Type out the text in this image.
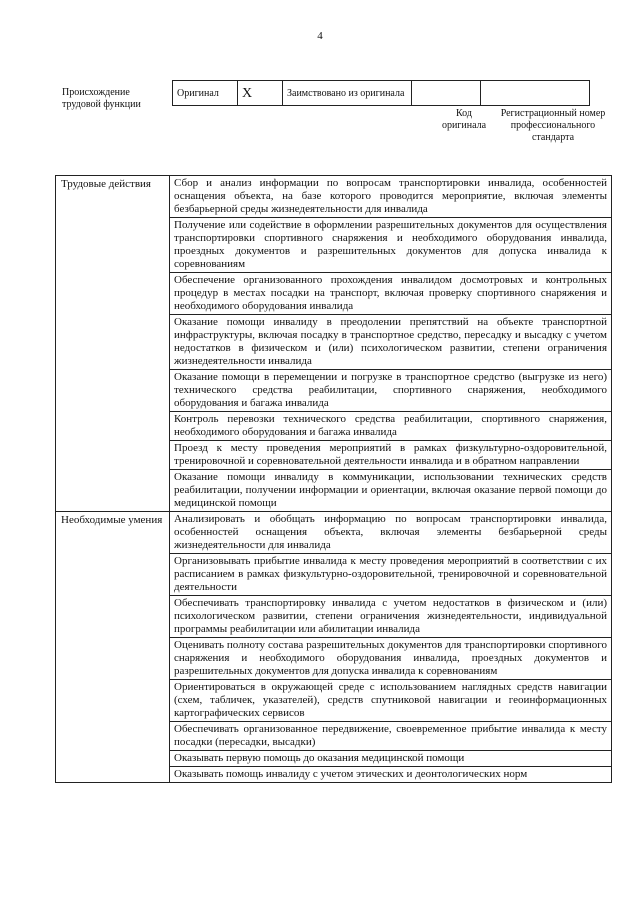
4
Происхождение трудовой функции
Оригинал	X	Заимствовано из оригинала		
Код оригинала
Регистрационный номер профессионального стандарта
Трудовые действия	Сбор и анализ информации по вопросам транспортировки инвалида, особенностей оснащения объекта, на базе которого проводится мероприятие, включая элементы безбарьерной среды жизнедеятельности для инвалида
	Получение или содействие в оформлении разрешительных документов для осуществления транспортировки спортивного снаряжения и необходимого оборудования инвалида, проездных документов и разрешительных документов для допуска инвалида к соревнованиям
	Обеспечение организованного прохождения инвалидом досмотровых и контрольных процедур в местах посадки на транспорт, включая проверку спортивного снаряжения и необходимого оборудования инвалида
	Оказание помощи инвалиду в преодолении препятствий на объекте транспортной инфраструктуры, включая посадку в транспортное средство, пересадку и высадку с учетом недостатков в физическом и (или) психологическом развитии, степени ограничения жизнедеятельности инвалида
	Оказание помощи в перемещении и погрузке в транспортное средство (выгрузке из него) технического средства реабилитации, спортивного снаряжения, необходимого оборудования и багажа инвалида
	Контроль перевозки технического средства реабилитации, спортивного снаряжения, необходимого оборудования и багажа инвалида
	Проезд к месту проведения мероприятий в рамках физкультурно-оздоровительной, тренировочной и соревновательной деятельности инвалида и в обратном направлении
	Оказание помощи инвалиду в коммуникации, использовании технических средств реабилитации, получении информации и ориентации, включая оказание первой помощи до медицинской помощи
Необходимые умения	Анализировать и обобщать информацию по вопросам транспортировки инвалида, особенностей оснащения объекта, включая элементы безбарьерной среды жизнедеятельности для инвалида
	Организовывать прибытие инвалида к месту проведения мероприятий в соответствии с их расписанием в рамках физкультурно-оздоровительной, тренировочной и соревновательной деятельности
	Обеспечивать транспортировку инвалида с учетом недостатков в физическом и (или) психологическом развитии, степени ограничения жизнедеятельности, индивидуальной программы реабилитации или абилитации инвалида
	Оценивать полноту состава разрешительных документов для транспортировки спортивного снаряжения и необходимого оборудования инвалида, проездных документов и разрешительных документов для допуска инвалида к соревнованиям
	Ориентироваться в окружающей среде с использованием наглядных средств навигации (схем, табличек, указателей), средств спутниковой навигации и геоинформационных картографических сервисов
	Обеспечивать организованное передвижение, своевременное прибытие инвалида к месту посадки (пересадки, высадки)
	Оказывать первую помощь до оказания медицинской помощи
	Оказывать помощь инвалиду с учетом этических и деонтологических норм
